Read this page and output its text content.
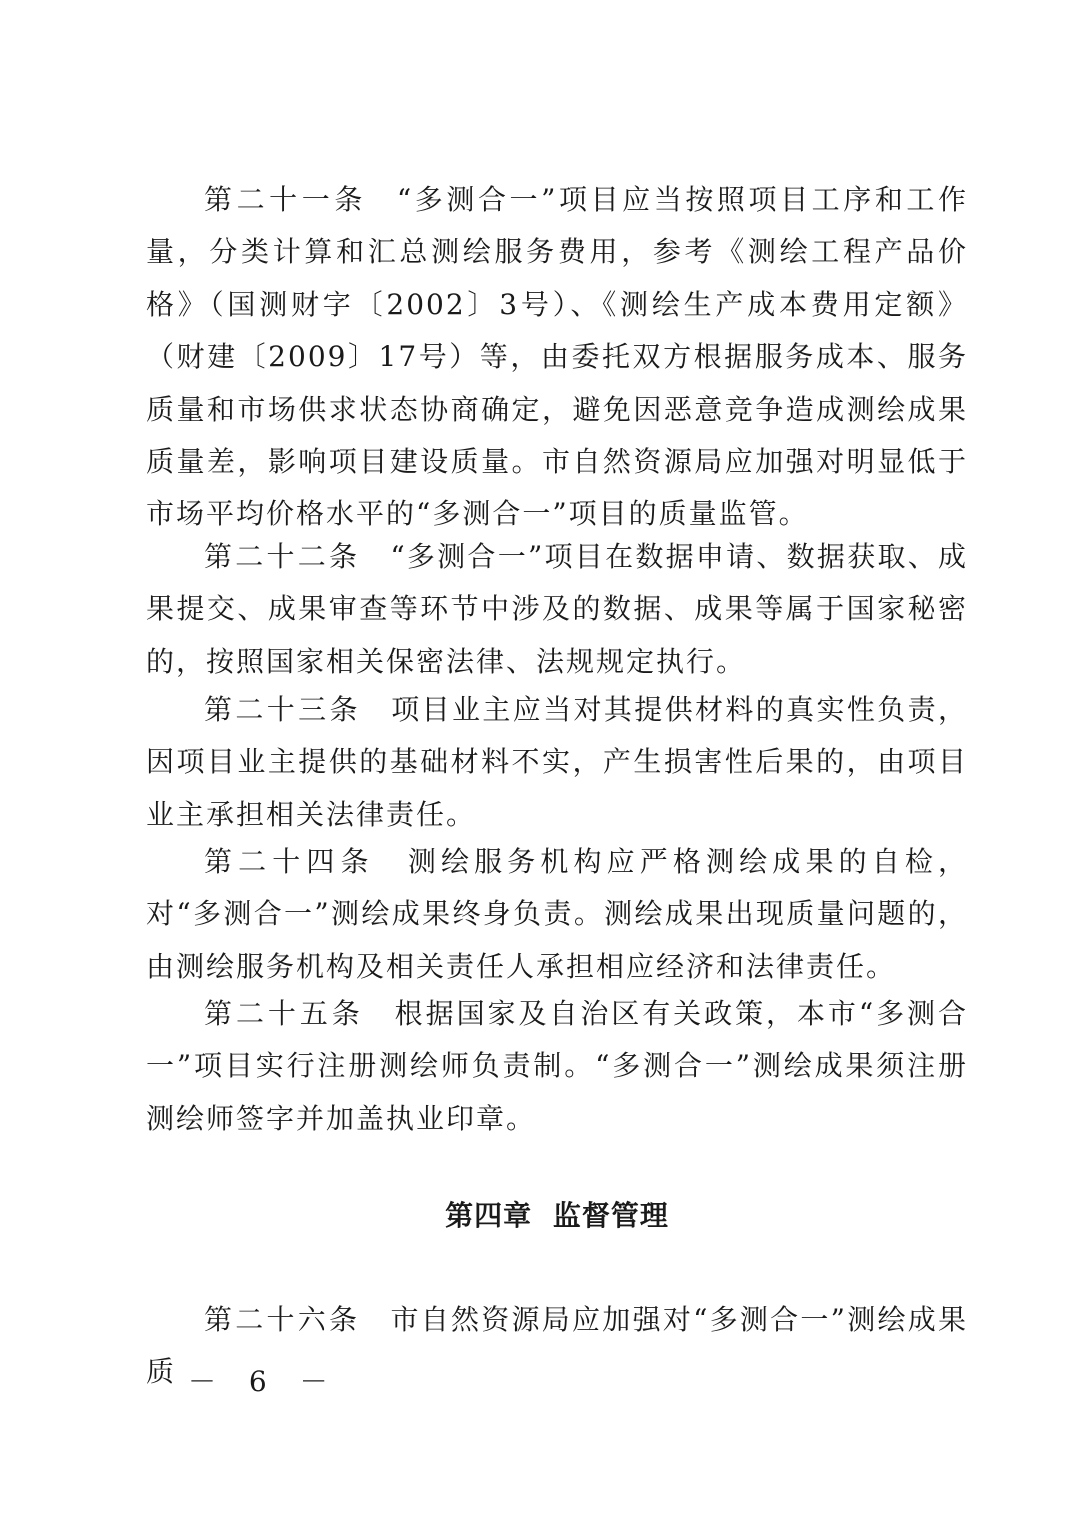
第二十一条 “多测合一”项目应当按照项目工序和工作量，分类计算和汇总测绘服务费用，参考《测绘工程产品价格》（国测财字〔2002〕3号）、《测绘生产成本费用定额》（财建〔2009〕17号）等，由委托双方根据服务成本、服务质量和市场供求状态协商确定，避免因恶意竞争造成测绘成果质量差，影响项目建设质量。市自然资源局应加强对明显低于市场平均价格水平的“多测合一”项目的质量监管。

第二十二条 “多测合一”项目在数据申请、数据获取、成果提交、成果审查等环节中涉及的数据、成果等属于国家秘密的，按照国家相关保密法律、法规规定执行。

第二十三条 项目业主应当对其提供材料的真实性负责，因项目业主提供的基础材料不实，产生损害性后果的，由项目业主承担相关法律责任。

第二十四条 测绘服务机构应严格测绘成果的自检，对“多测合一”测绘成果终身负责。测绘成果出现质量问题的，由测绘服务机构及相关责任人承担相应经济和法律责任。

第二十五条 根据国家及自治区有关政策，本市“多测合一”项目实行注册测绘师负责制。“多测合一”测绘成果须注册测绘师签字并加盖执业印章。

第四章 监督管理

第二十六条 市自然资源局应加强对“多测合一”测绘成果质 － 6 －
